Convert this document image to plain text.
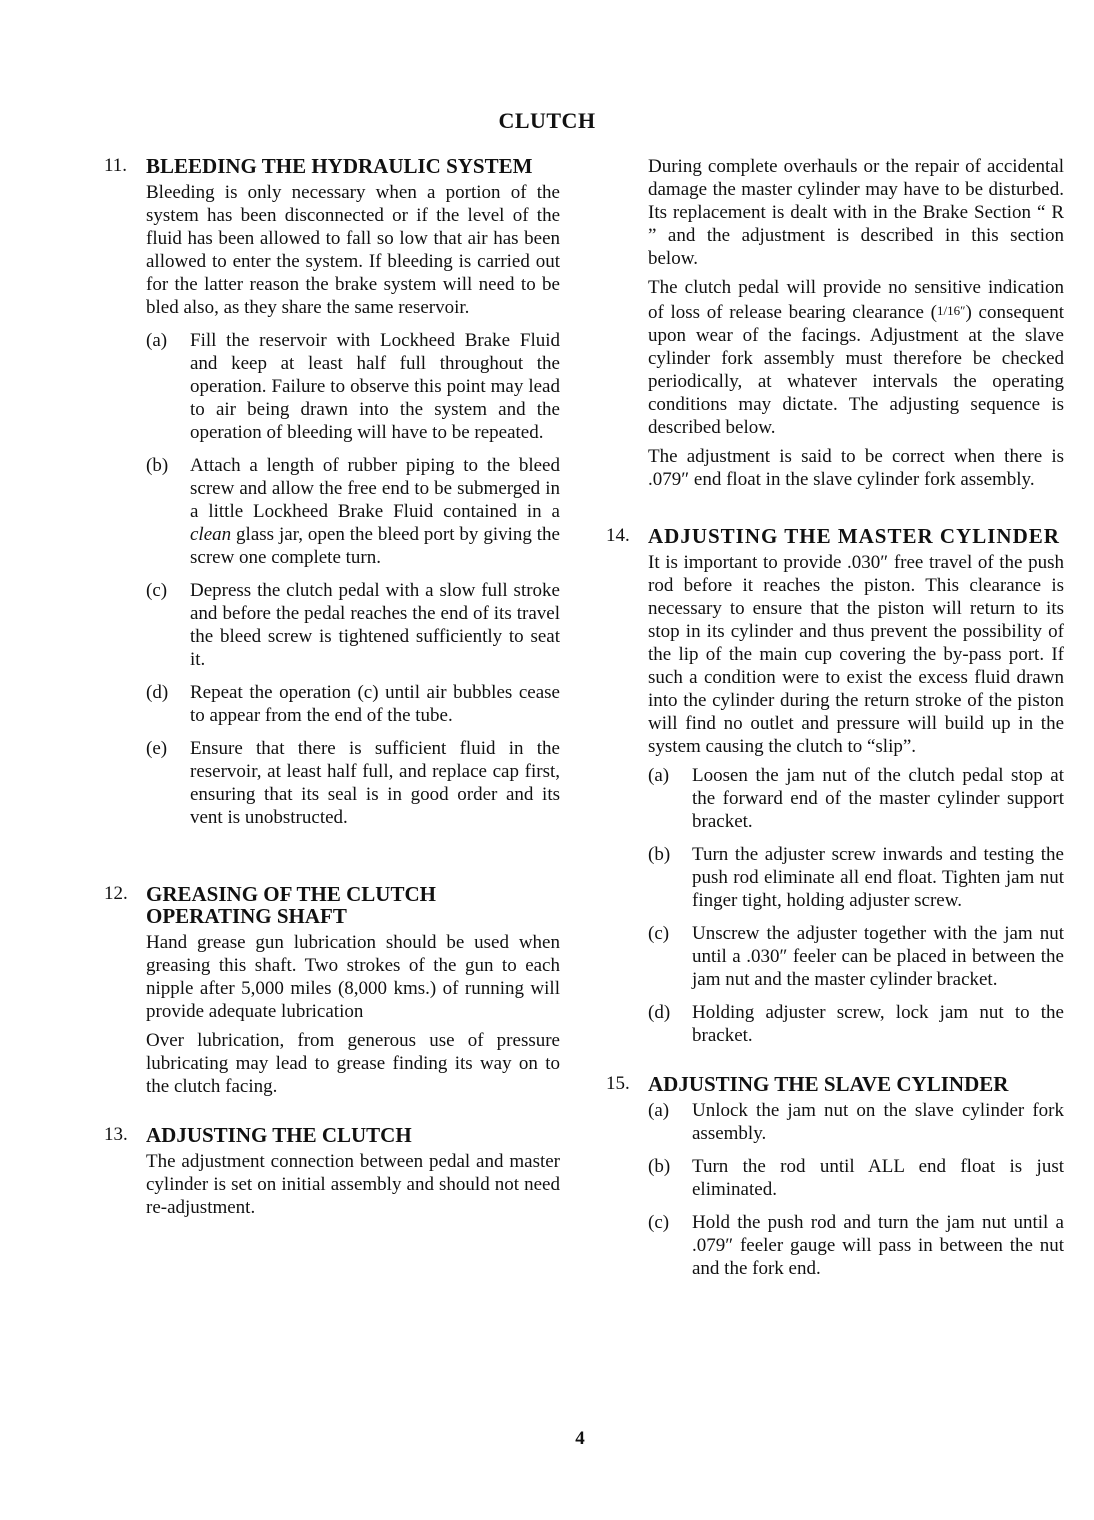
CLUTCH
11. BLEEDING THE HYDRAULIC SYSTEM
Bleeding is only necessary when a portion of the system has been disconnected or if the level of the fluid has been allowed to fall so low that air has been allowed to enter the system. If bleeding is carried out for the latter reason the brake system will need to be bled also, as they share the same reservoir.
(a)	Fill the reservoir with Lockheed Brake Fluid and keep at least half full throughout the operation. Failure to observe this point may lead to air being drawn into the system and the operation of bleeding will have to be repeated.
(b)	Attach a length of rubber piping to the bleed screw and allow the free end to be submerged in a little Lockheed Brake Fluid contained in a clean glass jar, open the bleed port by giving the screw one complete turn.
(c)	Depress the clutch pedal with a slow full stroke and before the pedal reaches the end of its travel the bleed screw is tightened sufficiently to seat it.
(d)	Repeat the operation (c) until air bubbles cease to appear from the end of the tube.
(e)	Ensure that there is sufficient fluid in the reservoir, at least half full, and replace cap first, ensuring that its seal is in good order and its vent is unobstructed.
12. GREASING OF THE CLUTCH OPERATING SHAFT
Hand grease gun lubrication should be used when greasing this shaft. Two strokes of the gun to each nipple after 5,000 miles (8,000 kms.) of running will provide adequate lubrication
Over lubrication, from generous use of pressure lubricating may lead to grease finding its way on to the clutch facing.
13. ADJUSTING THE CLUTCH
The adjustment connection between pedal and master cylinder is set on initial assembly and should not need re-adjustment.
During complete overhauls or the repair of accidental damage the master cylinder may have to be disturbed. Its replacement is dealt with in the Brake Section “ R ” and the adjustment is described in this section below.
The clutch pedal will provide no sensitive indication of loss of release bearing clearance (1/16″) consequent upon wear of the facings. Adjustment at the slave cylinder fork assembly must therefore be checked periodically, at whatever intervals the operating conditions may dictate. The adjusting sequence is described below.
The adjustment is said to be correct when there is .079″ end float in the slave cylinder fork assembly.
14. ADJUSTING THE MASTER CYLINDER
It is important to provide .030″ free travel of the push rod before it reaches the piston. This clearance is necessary to ensure that the piston will return to its stop in its cylinder and thus prevent the possibility of the lip of the main cup covering the by-pass port. If such a condition were to exist the excess fluid drawn into the cylinder during the return stroke of the piston will find no outlet and pressure will build up in the system causing the clutch to “slip”.
(a)	Loosen the jam nut of the clutch pedal stop at the forward end of the master cylinder support bracket.
(b)	Turn the adjuster screw inwards and testing the push rod eliminate all end float. Tighten jam nut finger tight, holding adjuster screw.
(c)	Unscrew the adjuster together with the jam nut until a .030″ feeler can be placed in between the jam nut and the master cylinder bracket.
(d)	Holding adjuster screw, lock jam nut to the bracket.
15. ADJUSTING THE SLAVE CYLINDER
(a)	Unlock the jam nut on the slave cylinder fork assembly.
(b)	Turn the rod until ALL end float is just eliminated.
(c)	Hold the push rod and turn the jam nut until a .079″ feeler gauge will pass in between the nut and the fork end.
4
